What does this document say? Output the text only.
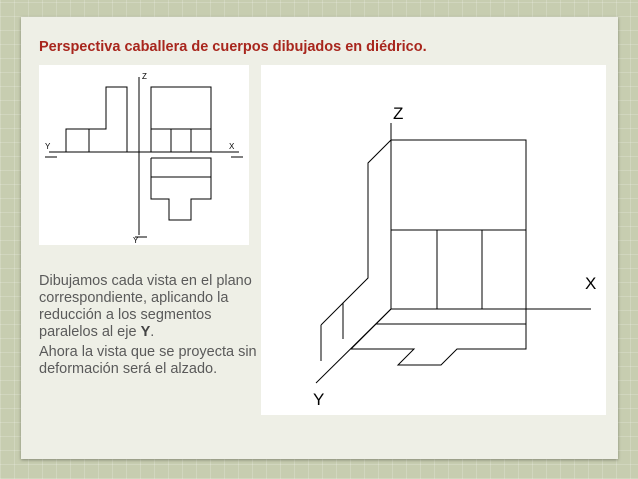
Perspectiva caballera de cuerpos dibujados en diédrico.
Z
Y	X
Y
Z
X
Y

Dibujamos cada vista en el plano correspondiente, aplicando la reducción a los segmentos paralelos al eje Y.

Ahora la vista que se proyecta sin deformación será el alzado.
